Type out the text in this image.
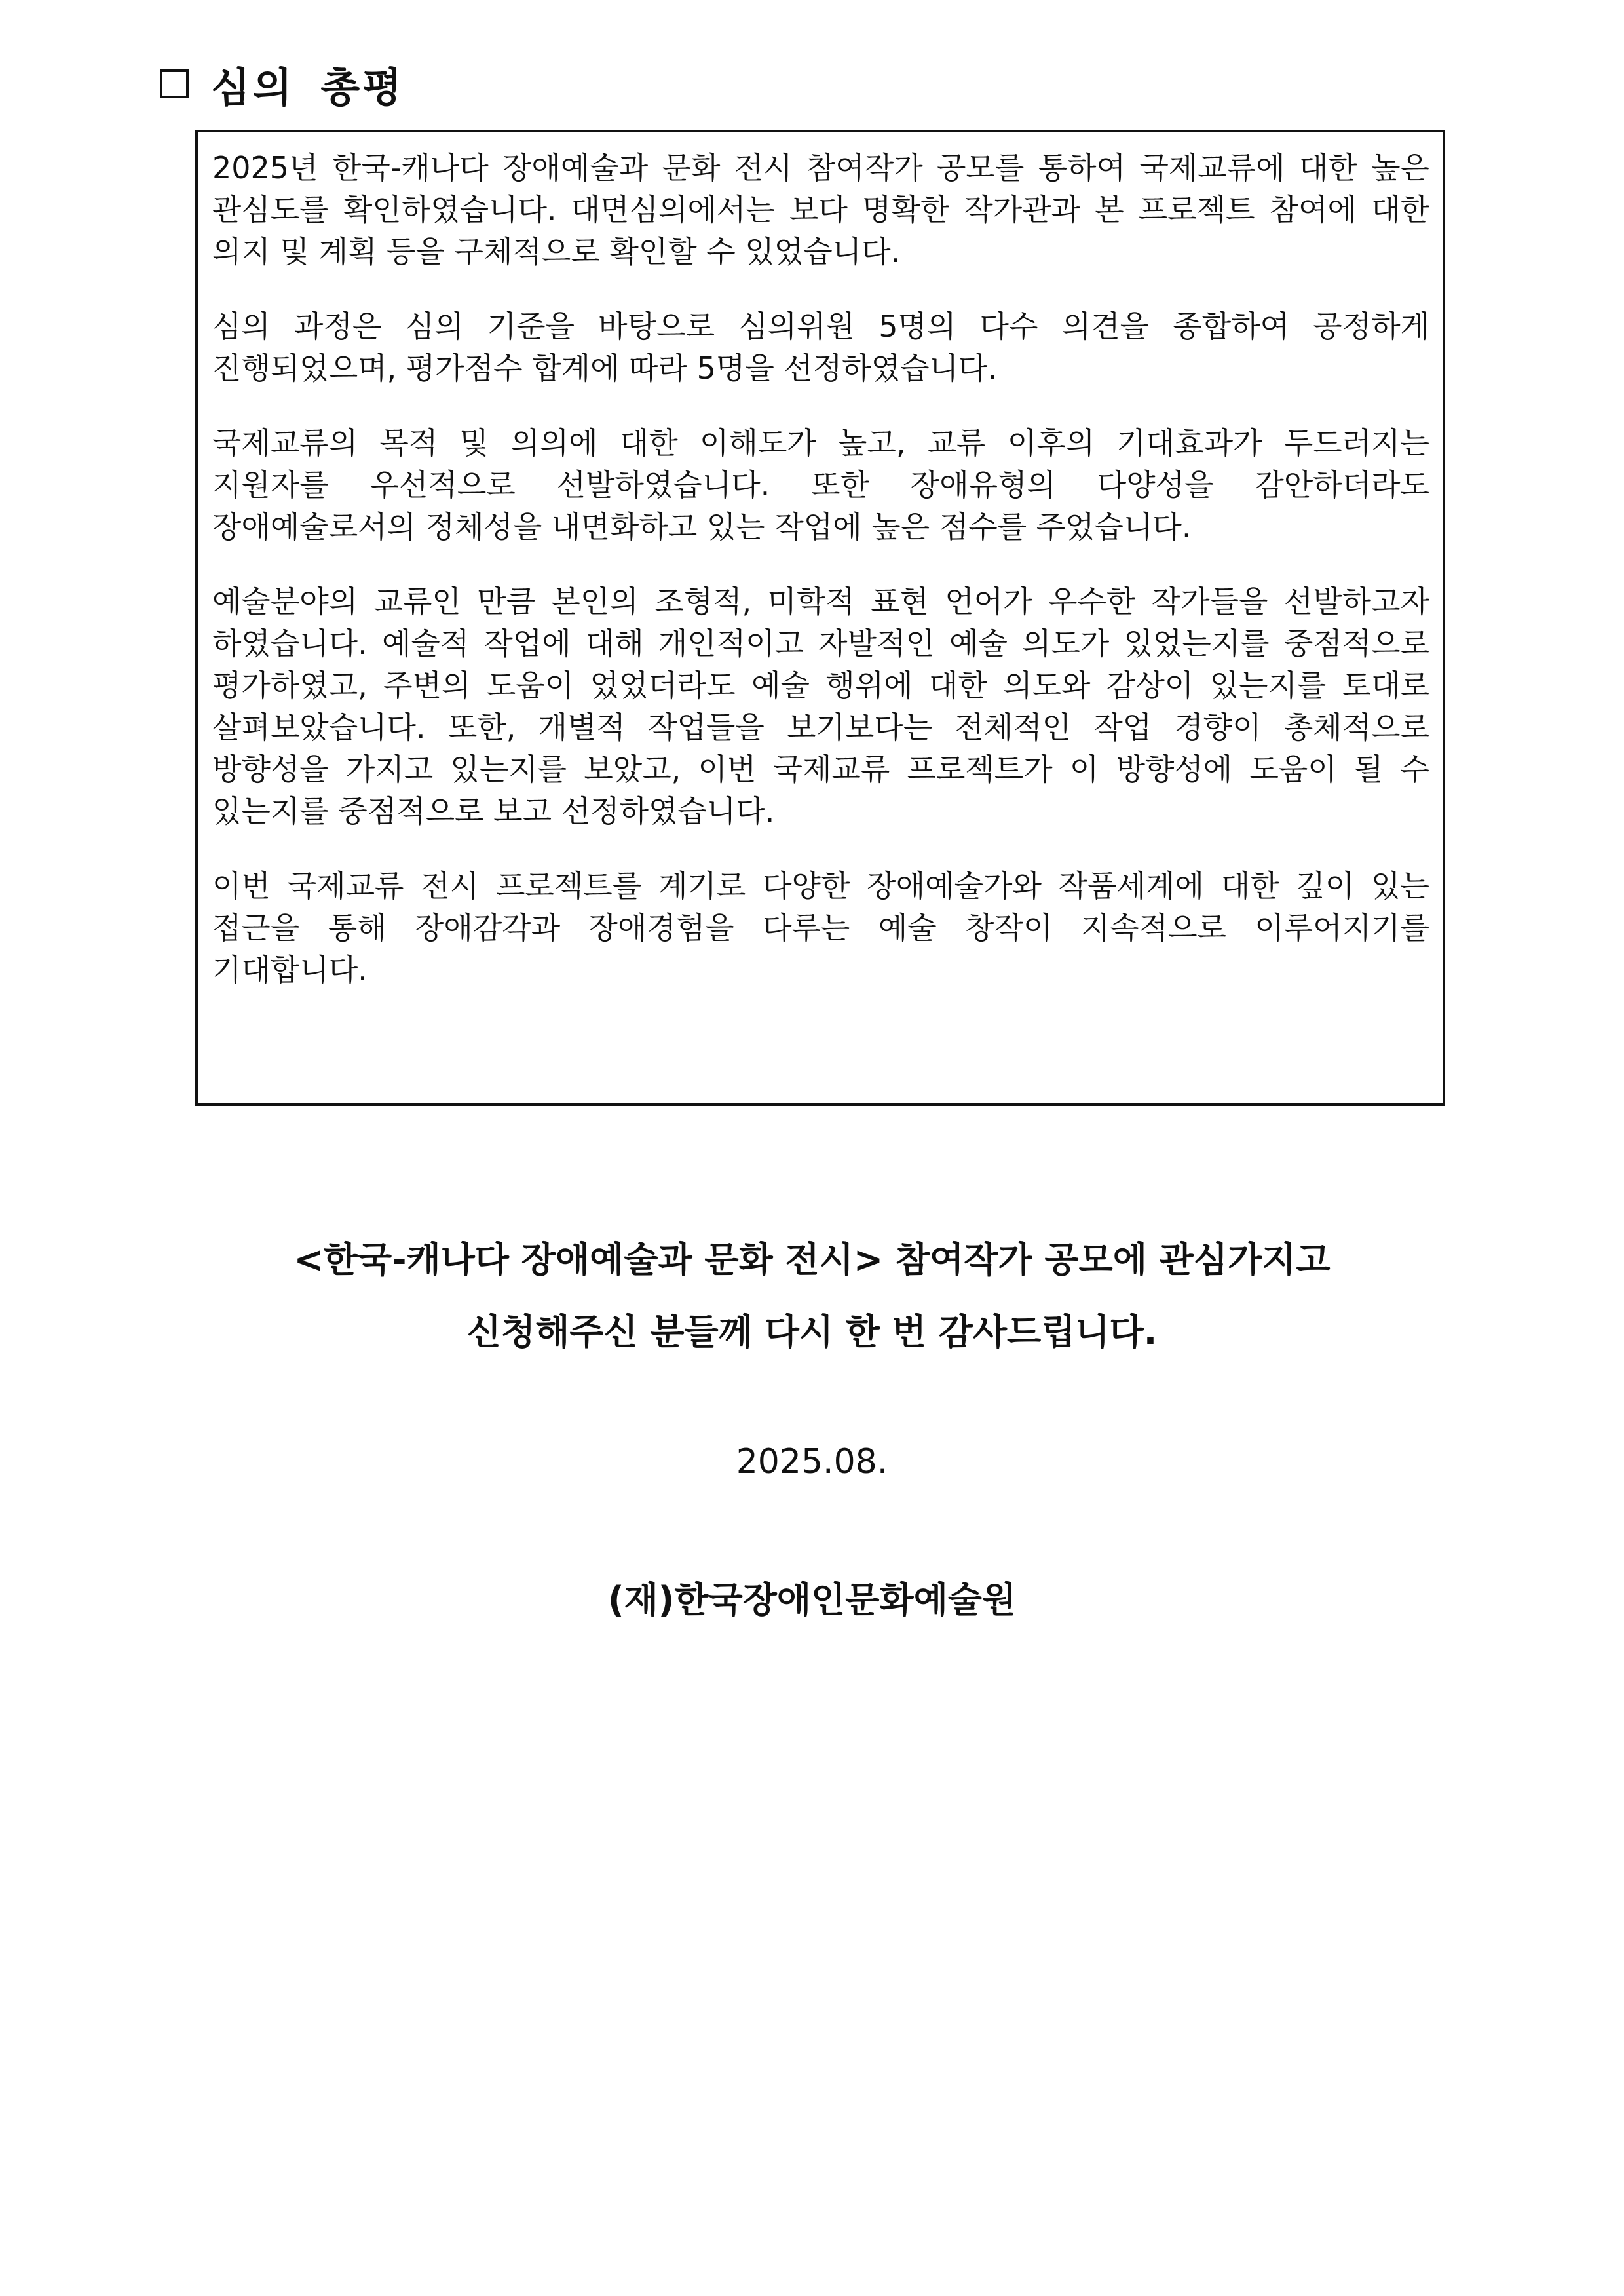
심의 총평

2025년 한국-캐나다 장애예술과 문화 전시 참여작가 공모를 통하여 국제교류에 대한 높은 관심도를 확인하였습니다. 대면심의에서는 보다 명확한 작가관과 본 프로젝트 참여에 대한 의지 및 계획 등을 구체적으로 확인할 수 있었습니다.

심의 과정은 심의 기준을 바탕으로 심의위원 5명의 다수 의견을 종합하여 공정하게 진행되었으며, 평가점수 합계에 따라 5명을 선정하였습니다.

국제교류의 목적 및 의의에 대한 이해도가 높고, 교류 이후의 기대효과가 두드러지는 지원자를 우선적으로 선발하였습니다. 또한 장애유형의 다양성을 감안하더라도 장애예술로서의 정체성을 내면화하고 있는 작업에 높은 점수를 주었습니다.

예술분야의 교류인 만큼 본인의 조형적, 미학적 표현 언어가 우수한 작가들을 선발하고자 하였습니다. 예술적 작업에 대해 개인적이고 자발적인 예술 의도가 있었는지를 중점적으로 평가하였고, 주변의 도움이 었었더라도 예술 행위에 대한 의도와 감상이 있는지를 토대로 살펴보았습니다. 또한, 개별적 작업들을 보기보다는 전체적인 작업 경향이 총체적으로 방향성을 가지고 있는지를 보았고, 이번 국제교류 프로젝트가 이 방향성에 도움이 될 수 있는지를 중점적으로 보고 선정하였습니다.

이번 국제교류 전시 프로젝트를 계기로 다양한 장애예술가와 작품세계에 대한 깊이 있는 접근을 통해 장애감각과 장애경험을 다루는 예술 창작이 지속적으로 이루어지기를 기대합니다.

<한국-캐나다 장애예술과 문화 전시> 참여작가 공모에 관심가지고
신청해주신 분들께 다시 한 번 감사드립니다.
2025.08.
(재)한국장애인문화예술원
